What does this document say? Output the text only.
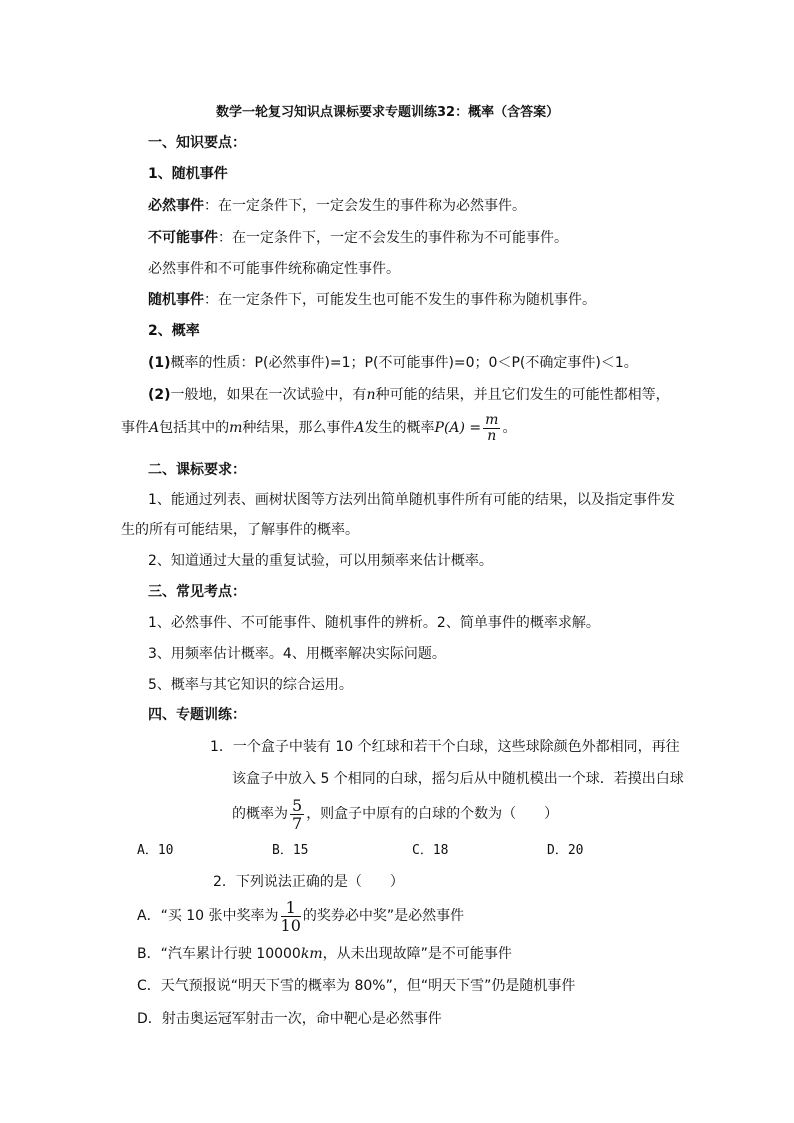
数学一轮复习知识点课标要求专题训练32：概率（含答案）
一、知识要点：
1、随机事件
必然事件：在一定条件下，一定会发生的事件称为必然事件。
不可能事件：在一定条件下，一定不会发生的事件称为不可能事件。
必然事件和不可能事件统称确定性事件。
随机事件：在一定条件下，可能发生也可能不发生的事件称为随机事件。
2、概率
(1)概率的性质：P(必然事件)=1；P(不可能事件)=0；0＜P(不确定事件)＜1。
(2)一般地，如果在一次试验中，有n种可能的结果，并且它们发生的可能性都相等，
事件A包括其中的m种结果，那么事件A发生的概率$P(A) = \frac{m}{n}$ 。
二、课标要求：
1、能通过列表、画树状图等方法列出简单随机事件所有可能的结果，以及指定事件发
生的所有可能结果，了解事件的概率。
2、知道通过大量的重复试验，可以用频率来估计概率。
三、常见考点：
1、必然事件、不可能事件、随机事件的辨析。2、简单事件的概率求解。
3、用频率估计概率。4、用概率解决实际问题。
5、概率与其它知识的综合运用。
四、专题训练：
1．一个盒子中装有 10 个红球和若干个白球，这些球除颜色外都相同，再往
该盒子中放入 5 个相同的白球，摇匀后从中随机模出一个球．若摸出白球
的概率为 $\frac{5}{7}$ ，则盒子中原有的白球的个数为（　　）
A．10	B．15	C．18	D．20
2．下列说法正确的是（　　）
A．“买 10 张中奖率为 $\frac{1}{10}$ 的奖券必中奖”是必然事件
B．“汽车累计行驶 10000km，从未出现故障”是不可能事件
C．天气预报说“明天下雪的概率为 80%”，但“明天下雪”仍是随机事件
D．射击奥运冠军射击一次，命中靶心是必然事件
